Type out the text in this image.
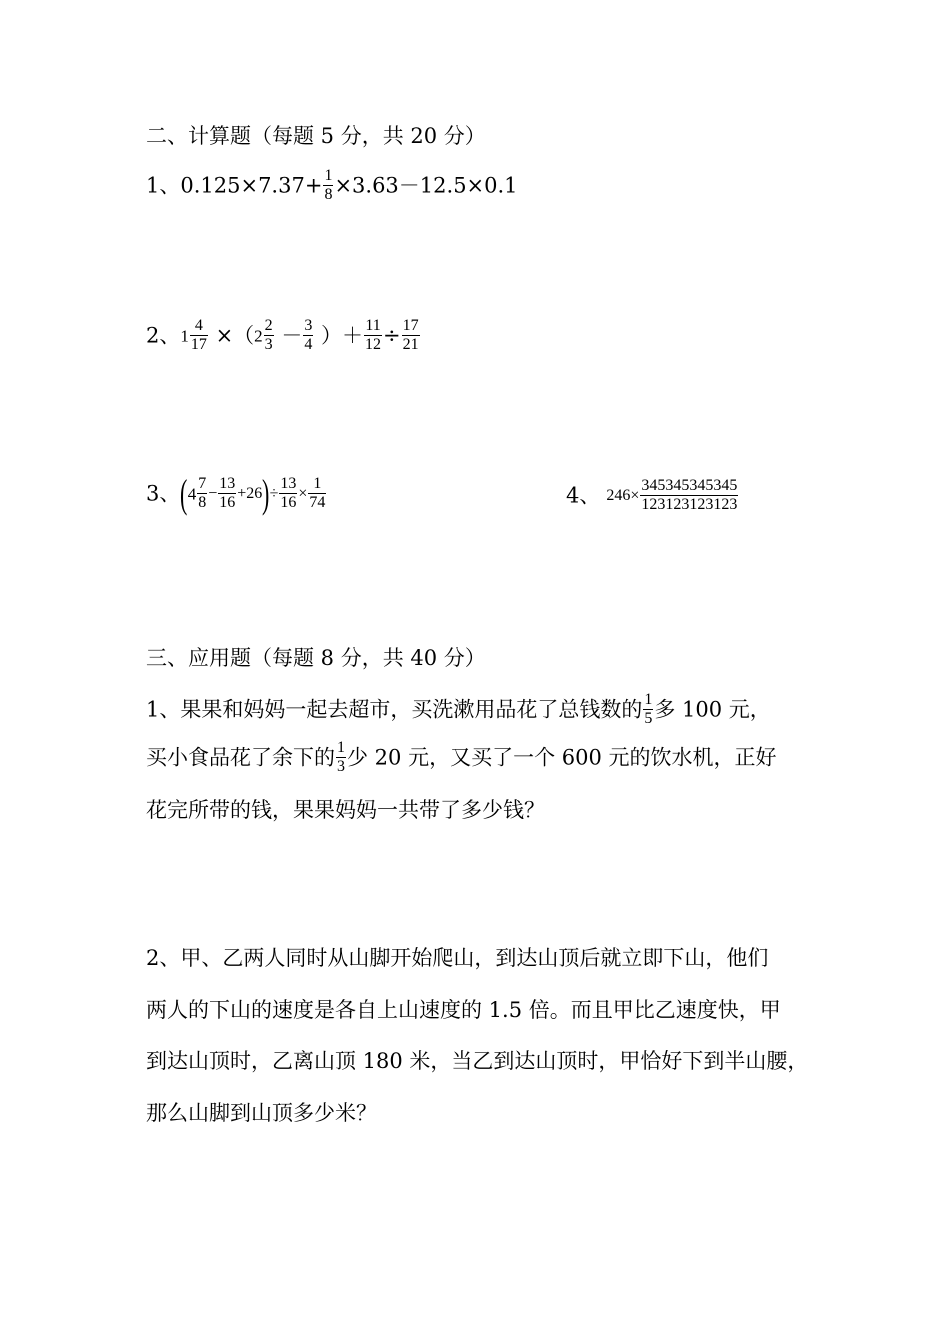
二、计算题（每题 5 分，共 20 分）
1、$0.125\times 7.37+ \frac{1}{8} \times 3.63-12.5\times 0.1$
2、$1 \frac{4}{17} \times(2 \frac{2}{3} - \frac{3}{4}$ ）＋ $\frac{11}{12} \div \frac{17}{21}$
3、$(4 \frac{7}{8} - \frac{13}{16} +26)\div \frac{13}{16} \times \frac{1}{74}$	4、 $246\times \frac{345345345345}{123123123123}$
三、应用题（每题 8 分，共 40 分）
1、果果和妈妈一起去超市，买洗漱用品花了总钱数的 $\frac{1}{5}$ 多 100 元，
买小食品花了余下的 $\frac{1}{3}$ 少 20 元，又买了一个 600 元的饮水机，正好
花完所带的钱，果果妈妈一共带了多少钱？
2、甲、乙两人同时从山脚开始爬山，到达山顶后就立即下山，他们
两人的下山的速度是各自上山速度的 1.5 倍。而且甲比乙速度快，甲
到达山顶时，乙离山顶 180 米，当乙到达山顶时，甲恰好下到半山腰，
那么山脚到山顶多少米？
